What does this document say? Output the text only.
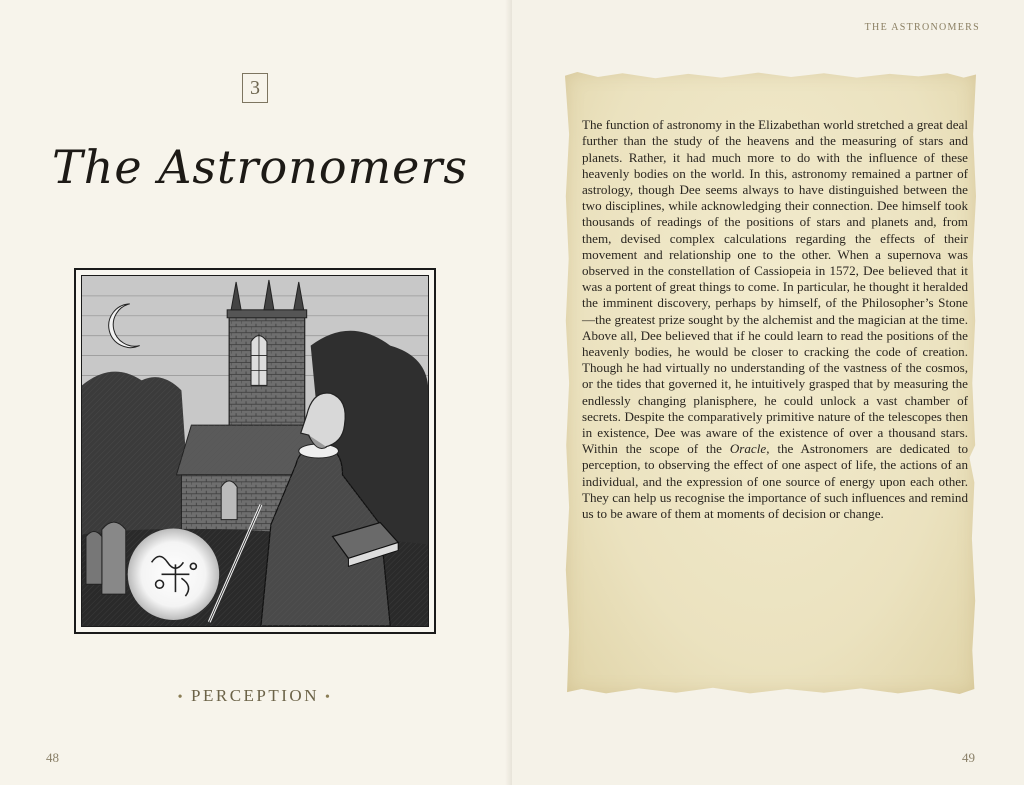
3
The Astronomers
• PERCEPTION •
48
THE ASTRONOMERS

The function of astronomy in the Elizabethan world stretched a great deal further than the study of the heavens and the measuring of stars and planets. Rather, it had much more to do with the influence of these heavenly bodies on the world. In this, astronomy remained a partner of astrology, though Dee seems always to have distinguished between the two disciplines, while acknowledging their connection. Dee himself took thousands of readings of the positions of stars and planets and, from them, devised complex calculations regarding the effects of their movement and relationship one to the other. When a supernova was observed in the constellation of Cassiopeia in 1572, Dee believed that it was a portent of great things to come. In particular, he thought it heralded the imminent discovery, perhaps by himself, of the Philosopher’s Stone—the greatest prize sought by the alchemist and the magician at the time. Above all, Dee believed that if he could learn to read the positions of the heavenly bodies, he would be closer to cracking the code of creation. Though he had virtually no understanding of the vastness of the cosmos, or the tides that governed it, he intuitively grasped that by measuring the endlessly changing planisphere, he could unlock a vast chamber of secrets. Despite the comparatively primitive nature of the telescopes then in existence, Dee was aware of the existence of over a thousand stars. Within the scope of the Oracle, the Astronomers are dedicated to perception, to observing the effect of one aspect of life, the actions of an individual, and the expression of one source of energy upon each other. They can help us recognise the importance of such influences and remind us to be aware of them at moments of decision or change.

49
